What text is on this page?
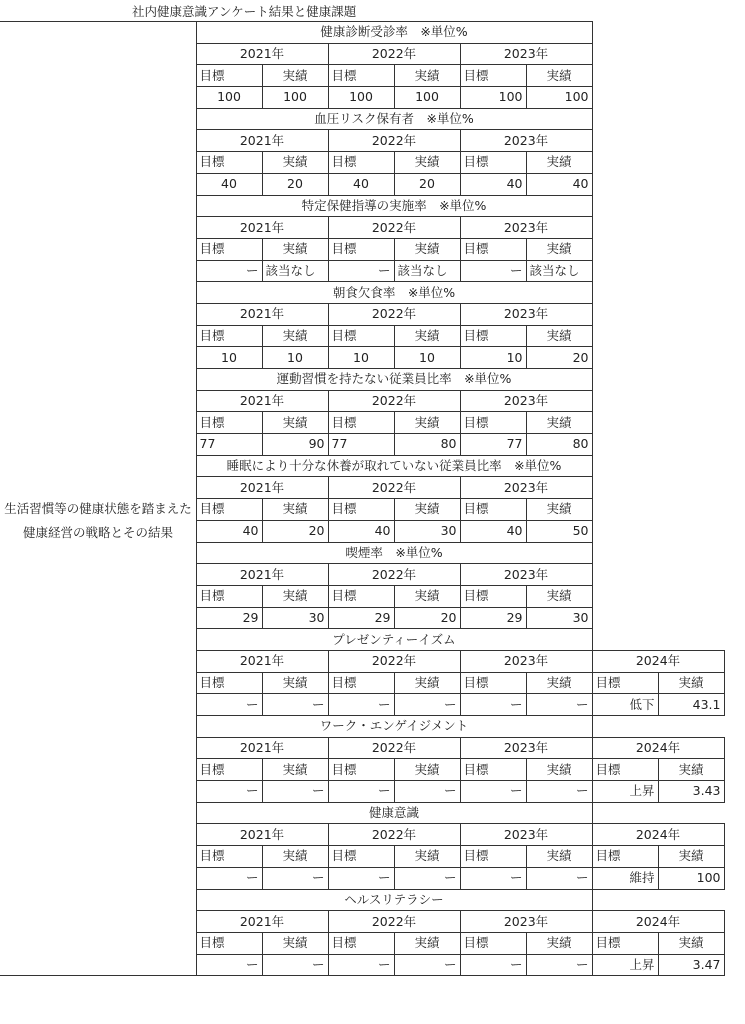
社内健康意識アンケート結果と健康課題
	健康診断受診率　※単位%							
	2021年		2022年		2023年			
	目標	実績	目標	実績	目標	実績		
	100	100	100	100	100	100		
	血圧リスク保有者　※単位%							
	2021年		2022年		2023年			
	目標	実績	目標	実績	目標	実績		
	40	20	40	20	40	40		
	特定保健指導の実施率　※単位%							
	2021年		2022年		2023年			
	目標	実績	目標	実績	目標	実績		
	ー	該当なし	ー	該当なし	ー	該当なし		
	朝食欠食率　※単位%							
	2021年		2022年		2023年			
	目標	実績	目標	実績	目標	実績		
	10	10	10	10	10	20		
	運動習慣を持たない従業員比率　※単位%							
	2021年		2022年		2023年			
	目標	実績	目標	実績	目標	実績		
	77	90	77	80	77	80		
	睡眠により十分な休養が取れていない従業員比率　※単位%							
	2021年		2022年		2023年			
	目標	実績	目標	実績	目標	実績		
	40	20	40	30	40	50		
	喫煙率　※単位%							
	2021年		2022年		2023年			
	目標	実績	目標	実績	目標	実績		
	29	30	29	20	29	30		
	プレゼンティーイズム							
	2021年		2022年		2023年		2024年	
	目標	実績	目標	実績	目標	実績	目標	実績
	ー	ー	ー	ー	ー	ー	低下	43.1
	ワーク・エンゲイジメント							
	2021年		2022年		2023年		2024年	
	目標	実績	目標	実績	目標	実績	目標	実績
	ー	ー	ー	ー	ー	ー	上昇	3.43
	健康意識							
	2021年		2022年		2023年		2024年	
	目標	実績	目標	実績	目標	実績	目標	実績
	ー	ー	ー	ー	ー	ー	維持	100
	ヘルスリテラシー							
	2021年		2022年		2023年		2024年	
	目標	実績	目標	実績	目標	実績	目標	実績
	ー	ー	ー	ー	ー	ー	上昇	3.47
生活習慣等の健康状態を踏まえた健康経営の戦略とその結果
